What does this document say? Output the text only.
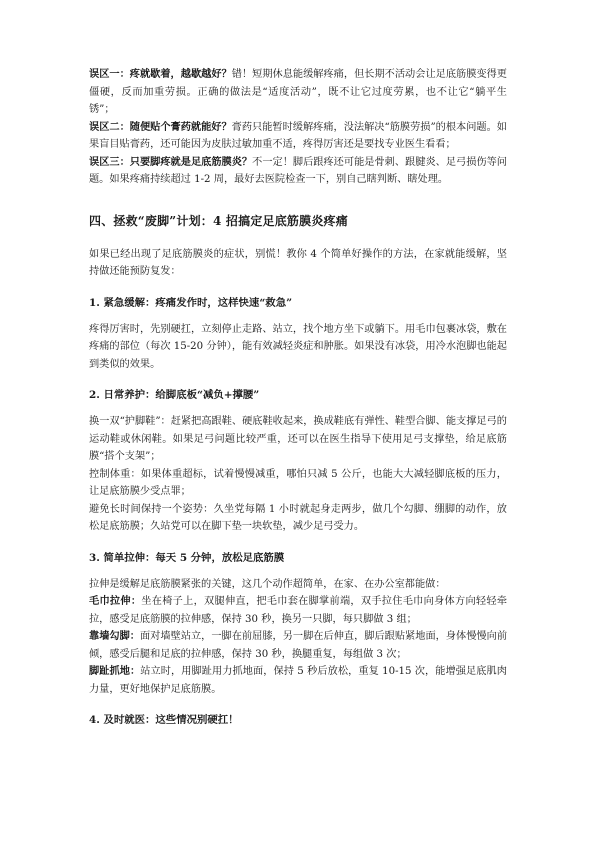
误区一：疼就歇着，越歇越好？错！短期休息能缓解疼痛，但长期不活动会让足底筋膜变得更僵硬，反而加重劳损。正确的做法是“适度活动”，既不让它过度劳累，也不让它“躺平生锈”；

误区二：随便贴个膏药就能好？膏药只能暂时缓解疼痛，没法解决“筋膜劳损”的根本问题。如果盲目贴膏药，还可能因为皮肤过敏加重不适，疼得厉害还是要找专业医生看看；

误区三：只要脚疼就是足底筋膜炎？不一定！脚后跟疼还可能是骨刺、跟腱炎、足弓损伤等问题。如果疼痛持续超过 1-2 周，最好去医院检查一下，别自己瞎判断、瞎处理。

四、拯救“废脚”计划：4 招搞定足底筋膜炎疼痛

如果已经出现了足底筋膜炎的症状，别慌！教你 4 个简单好操作的方法，在家就能缓解，坚持做还能预防复发：

1. 紧急缓解：疼痛发作时，这样快速“救急”

疼得厉害时，先别硬扛，立刻停止走路、站立，找个地方坐下或躺下。用毛巾包裹冰袋，敷在疼痛的部位（每次 15-20 分钟），能有效减轻炎症和肿胀。如果没有冰袋，用冷水泡脚也能起到类似的效果。

2. 日常养护：给脚底板“减负+撑腰”

换一双“护脚鞋”：赶紧把高跟鞋、硬底鞋收起来，换成鞋底有弹性、鞋型合脚、能支撑足弓的运动鞋或休闲鞋。如果足弓问题比较严重，还可以在医生指导下使用足弓支撑垫，给足底筋膜“搭个支架”；

控制体重：如果体重超标，试着慢慢减重，哪怕只减 5 公斤，也能大大减轻脚底板的压力，让足底筋膜少受点罪；

避免长时间保持一个姿势：久坐党每隔 1 小时就起身走两步，做几个勾脚、绷脚的动作，放松足底筋膜；久站党可以在脚下垫一块软垫，减少足弓受力。

3. 简单拉伸：每天 5 分钟，放松足底筋膜

拉伸是缓解足底筋膜紧张的关键，这几个动作超简单，在家、在办公室都能做：

毛巾拉伸：坐在椅子上，双腿伸直，把毛巾套在脚掌前端，双手拉住毛巾向身体方向轻轻牵拉，感受足底筋膜的拉伸感，保持 30 秒，换另一只脚，每只脚做 3 组；

靠墙勾脚：面对墙壁站立，一脚在前屈膝，另一脚在后伸直，脚后跟贴紧地面，身体慢慢向前倾，感受后腿和足底的拉伸感，保持 30 秒，换腿重复，每组做 3 次；

脚趾抓地：站立时，用脚趾用力抓地面，保持 5 秒后放松，重复 10-15 次，能增强足底肌肉力量，更好地保护足底筋膜。

4. 及时就医：这些情况别硬扛！
